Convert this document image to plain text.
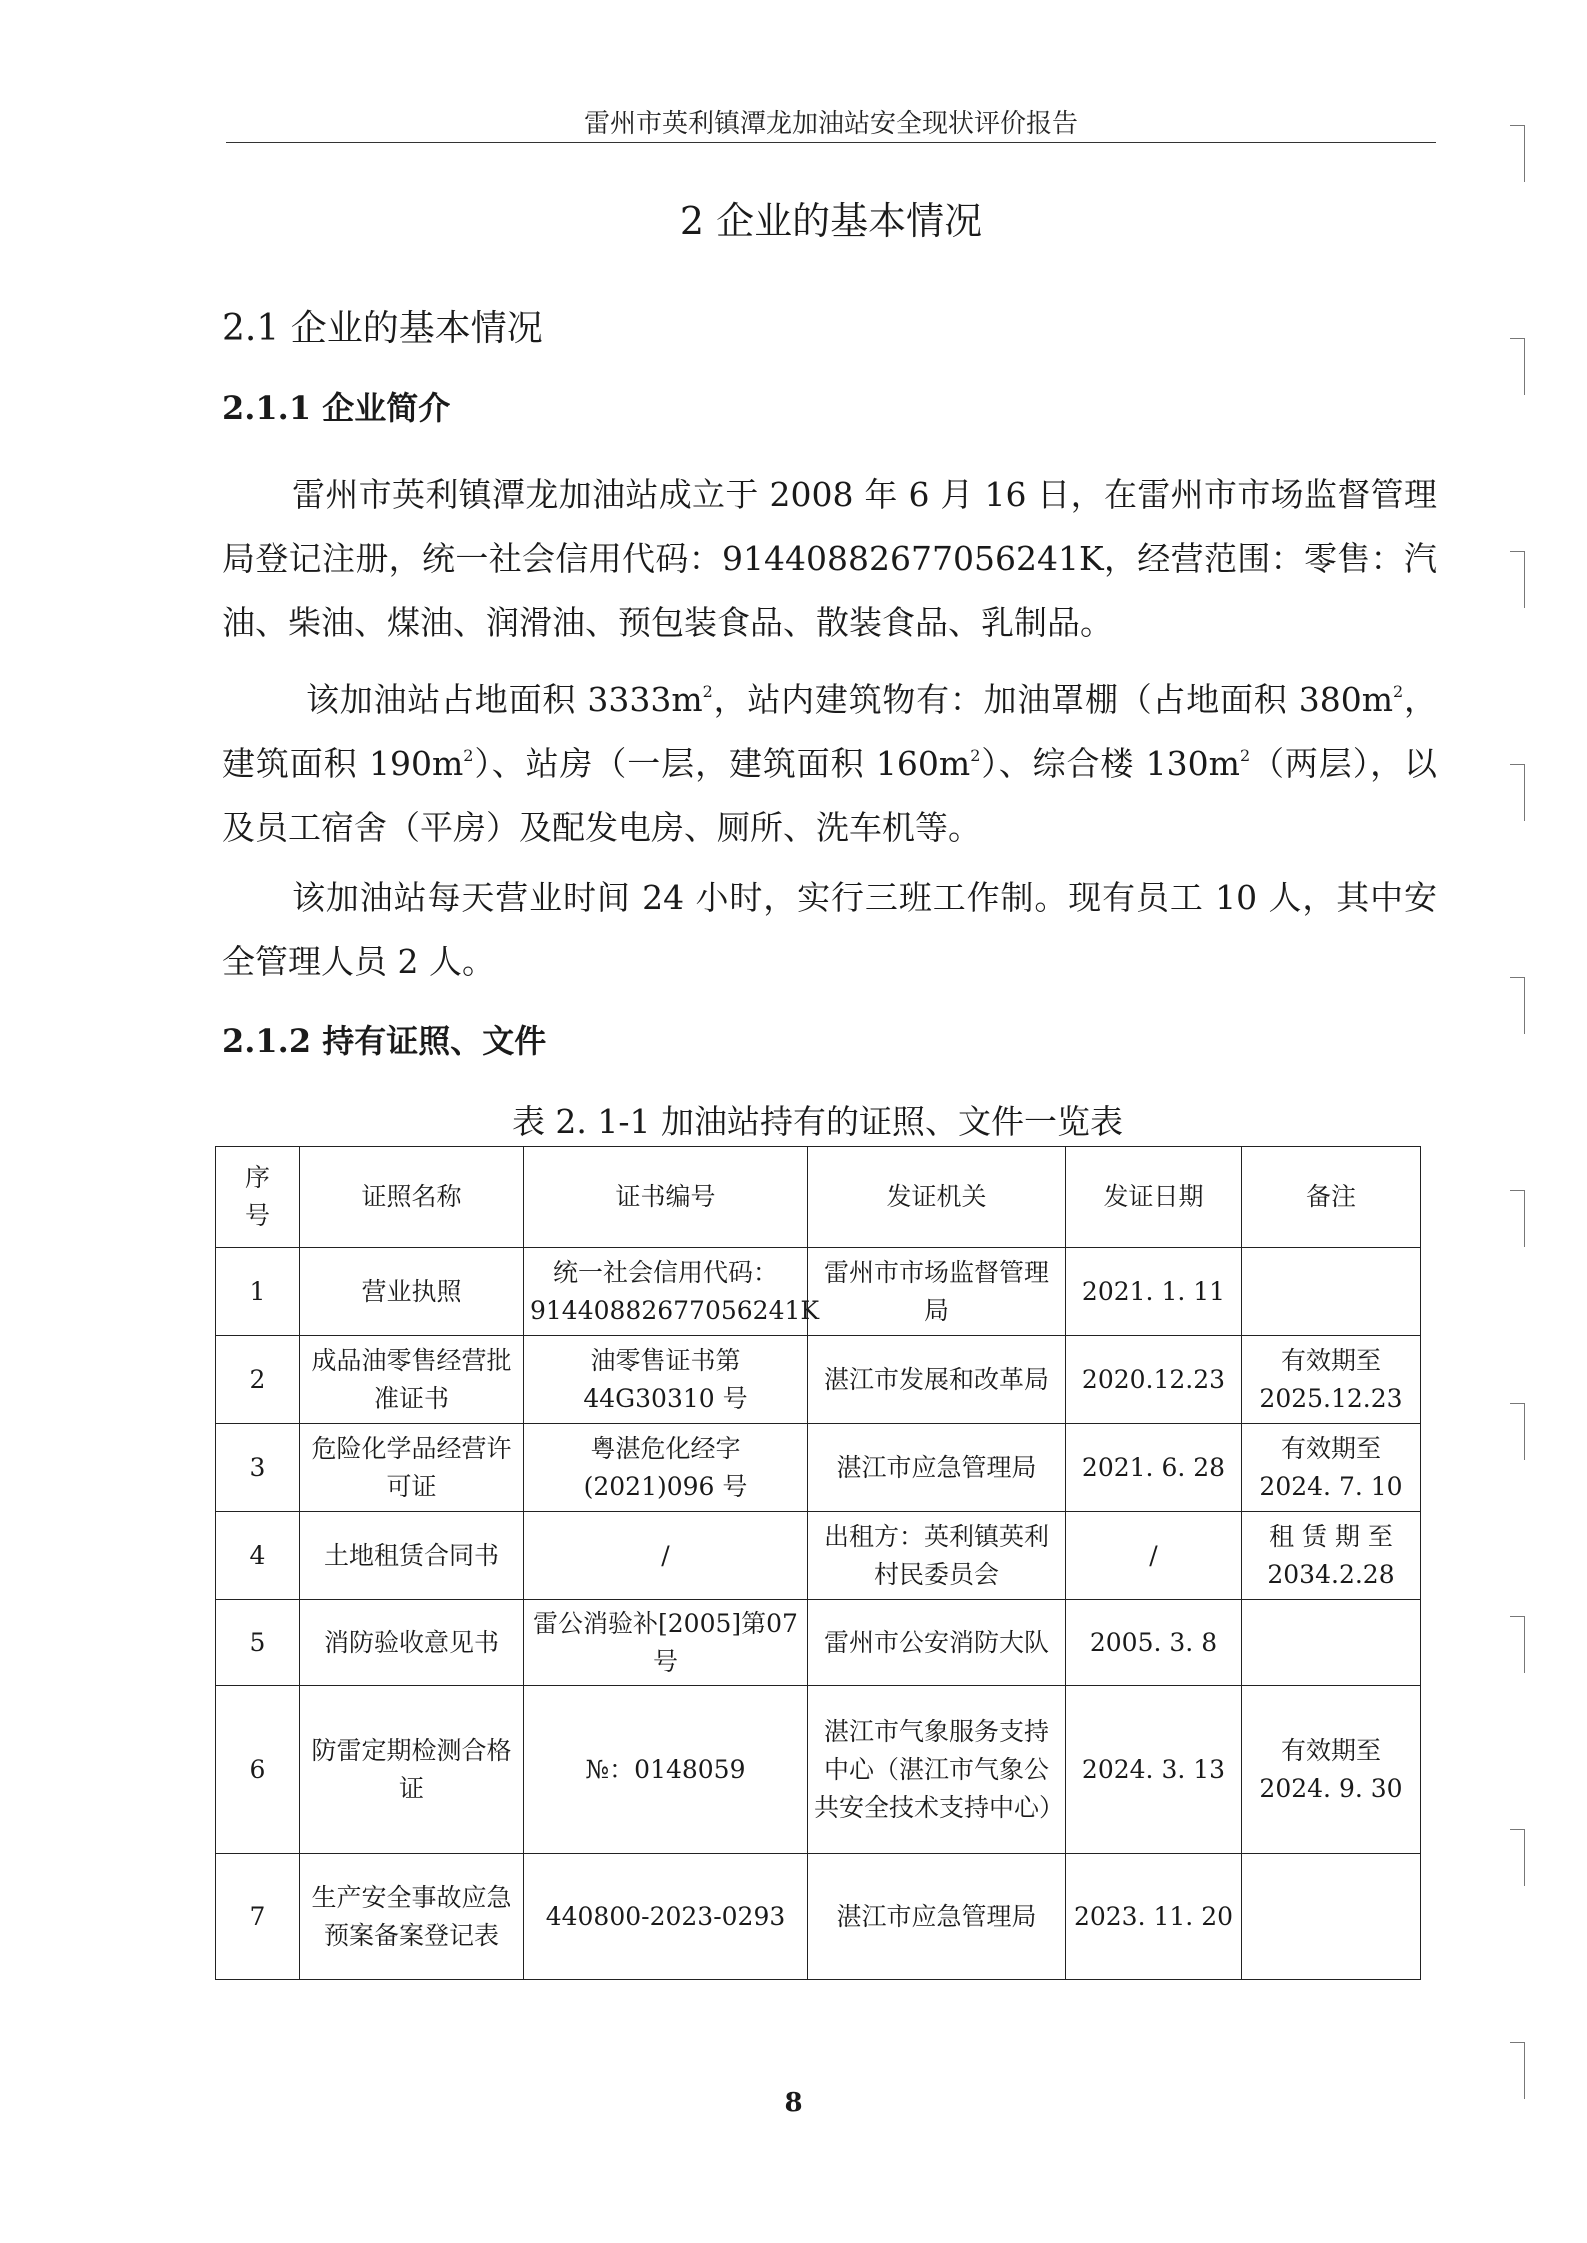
雷州市英利镇潭龙加油站安全现状评价报告
2 企业的基本情况
2.1 企业的基本情况
2.1.1 企业简介

雷州市英利镇潭龙加油站成立于 2008 年 6 月 16 日，在雷州市市场监督管理局登记注册，统一社会信用代码：91440882677056241K，经营范围：零售：汽油、柴油、煤油、润滑油、预包装食品、散装食品、乳制品。

该加油站占地面积 $3333m^2$，站内建筑物有：加油罩棚（占地面积 $380m^2$，建筑面积 $190m^2$）、站房（一层，建筑面积 $160m^2$）、综合楼 $130m^2$（两层），以及员工宿舍（平房）及配发电房、厕所、洗车机等。

该加油站每天营业时间 24 小时，实行三班工作制。现有员工 10 人，其中安全管理人员 2 人。

2.1.2 持有证照、文件
表 2. 1-1 加油站持有的证照、文件一览表
序号	证照名称	证书编号	发证机关	发证日期	备注
1	营业执照	统一社会信用代码：91440882677056241K	雷州市市场监督管理局	2021. 1. 11	
2	成品油零售经营批准证书	油零售证书第44G30310 号	湛江市发展和改革局	2020.12.23	有效期至2025.12.23
3	危险化学品经营许可证	粤湛危化经字(2021)096 号	湛江市应急管理局	2021. 6. 28	有效期至2024. 7. 10
4	土地租赁合同书	/	出租方：英利镇英利村民委员会	/	租 赁 期 至2034.2.28
5	消防验收意见书	雷公消验补[2005]第07 号	雷州市公安消防大队	2005. 3. 8	
6	防雷定期检测合格证	№：0148059	湛江市气象服务支持中心（湛江市气象公共安全技术支持中心）	2024. 3. 13	有效期至2024. 9. 30
7	生产安全事故应急预案备案登记表	440800-2023-0293	湛江市应急管理局	2023. 11. 20	
8
